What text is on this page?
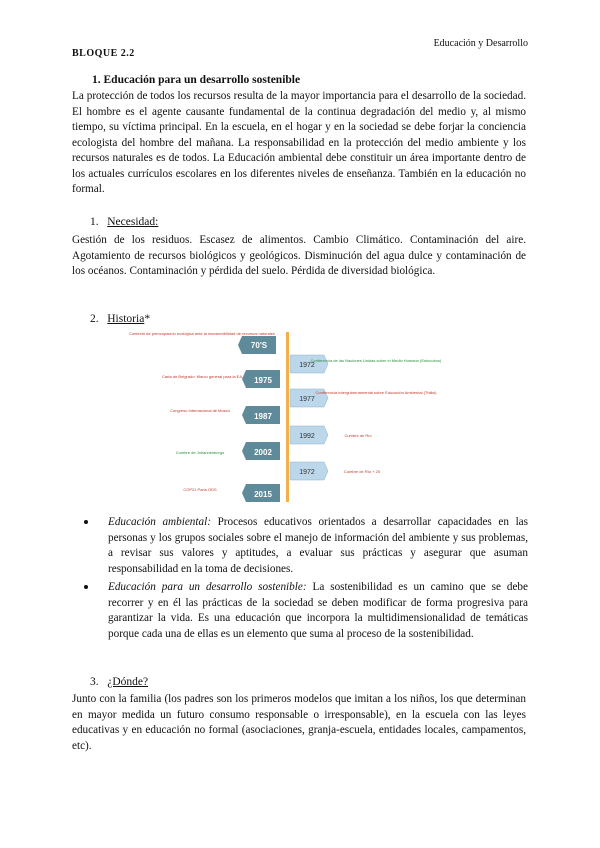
Educación y Desarrollo
BLOQUE 2.2
1. Educación para un desarrollo sostenible

La protección de todos los recursos resulta de la mayor importancia para el desarrollo de la sociedad. El hombre es el agente causante fundamental de la continua degradación del medio y, al mismo tiempo, su víctima principal. En la escuela, en el hogar y en la sociedad se debe forjar la conciencia ecologista del hombre del mañana. La responsabilidad en la protección del medio ambiente y los recursos naturales es de todos. La Educación ambiental debe constituir un área importante dentro de los actuales currículos escolares en los diferentes niveles de enseñanza. También en la educación no formal.

1. Necesidad:

Gestión de los residuos. Escasez de alimentos. Cambio Climático. Contaminación del aire. Agotamiento de recursos biológicos y geológicos. Disminución del agua dulce y contaminación de los océanos. Contaminación y pérdida del suelo. Pérdida de diversidad biológica.

2. Historia*
Contexto de preocupación ecológica ante la insostenibilidad de recursos naturales
70'S
Carta de Belgrado: Marco general para la EA 1975
Congreso Internacional de Moscú
1987
Cumbre de Johannesburgo	2002
COP21 París ODS
2015
1972
Conferencia de las Naciones Unidas sobre el Medio Humano (Estocolmo)
1977
Conferencia Intergubernamental sobre Educación Ambiental (Tbilisi)
1992	Cumbre de Río
1972	Cumbre de Río + 20
Educación ambiental: Procesos educativos orientados a desarrollar capacidades en las personas y los grupos sociales sobre el manejo de información del ambiente y sus problemas, a revisar sus valores y aptitudes, a evaluar sus prácticas y asegurar que asuman responsabilidad en la toma de decisiones.
Educación para un desarrollo sostenible: La sostenibilidad es un camino que se debe recorrer y en él las prácticas de la sociedad se deben modificar de forma progresiva para garantizar la vida. Es una educación que incorpora la multidimensionalidad de temáticas porque cada una de ellas es un elemento que suma al proceso de la sostenibilidad.
3. ¿Dónde?

Junto con la familia (los padres son los primeros modelos que imitan a los niños, los que determinan en mayor medida un futuro consumo responsable o irresponsable), en la escuela con las leyes educativas y en educación no formal (asociaciones, granja-escuela, entidades locales, campamentos, etc).
